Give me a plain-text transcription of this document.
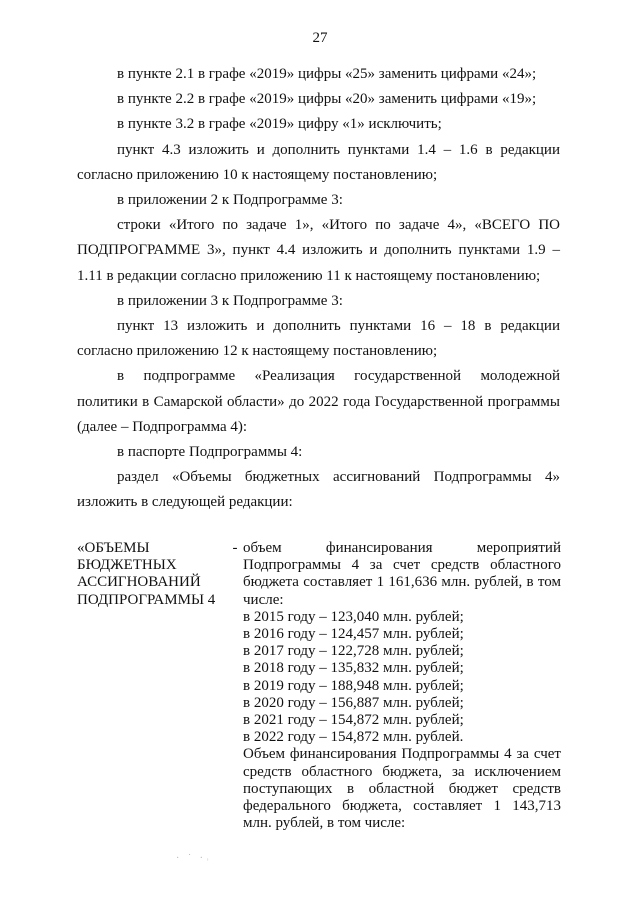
27

в пункте 2.1 в графе «2019» цифры «25» заменить цифрами «24»;

в пункте 2.2 в графе «2019» цифры «20» заменить цифрами «19»;

в пункте 3.2 в графе «2019» цифру «1» исключить;

пункт 4.3 изложить и дополнить пунктами 1.4 – 1.6 в редакции согласно приложению 10 к настоящему постановлению;

в приложении 2 к Подпрограмме 3:

строки «Итого по задаче 1», «Итого по задаче 4», «ВСЕГО ПО ПОДПРОГРАММЕ 3», пункт 4.4 изложить и дополнить пунктами 1.9 – 1.11 в редакции согласно приложению 11 к настоящему постановлению;

в приложении 3 к Подпрограмме 3:

пункт 13 изложить и дополнить пунктами 16 – 18 в редакции согласно приложению 12 к настоящему постановлению;

в подпрограмме «Реализация государственной молодежной политики в Самарской области» до 2022 года Государственной программы (далее – Подпрограмма 4):

в паспорте Подпрограммы 4:

раздел «Объемы бюджетных ассигнований Подпрограммы 4» изложить в следующей редакции:

«ОБЪЕМЫ
БЮДЖЕТНЫХ
АССИГНОВАНИЙ
ПОДПРОГРАММЫ 4
- объем финансирования мероприятий Подпрограммы 4 за счет средств областного бюджета составляет 1 161,636 млн. рублей, в том числе:
в 2015 году – 123,040 млн. рублей;
в 2016 году – 124,457 млн. рублей;
в 2017 году – 122,728 млн. рублей;
в 2018 году – 135,832 млн. рублей;
в 2019 году – 188,948 млн. рублей;
в 2020 году – 156,887 млн. рублей;
в 2021 году – 154,872 млн. рублей;
в 2022 году – 154,872 млн. рублей.
Объем финансирования Подпрограммы 4 за счет средств областного бюджета, за исключением поступающих в областной бюджет средств федерального бюджета, составляет 1 143,713 млн. рублей, в том числе:
· ˙ ·˒
